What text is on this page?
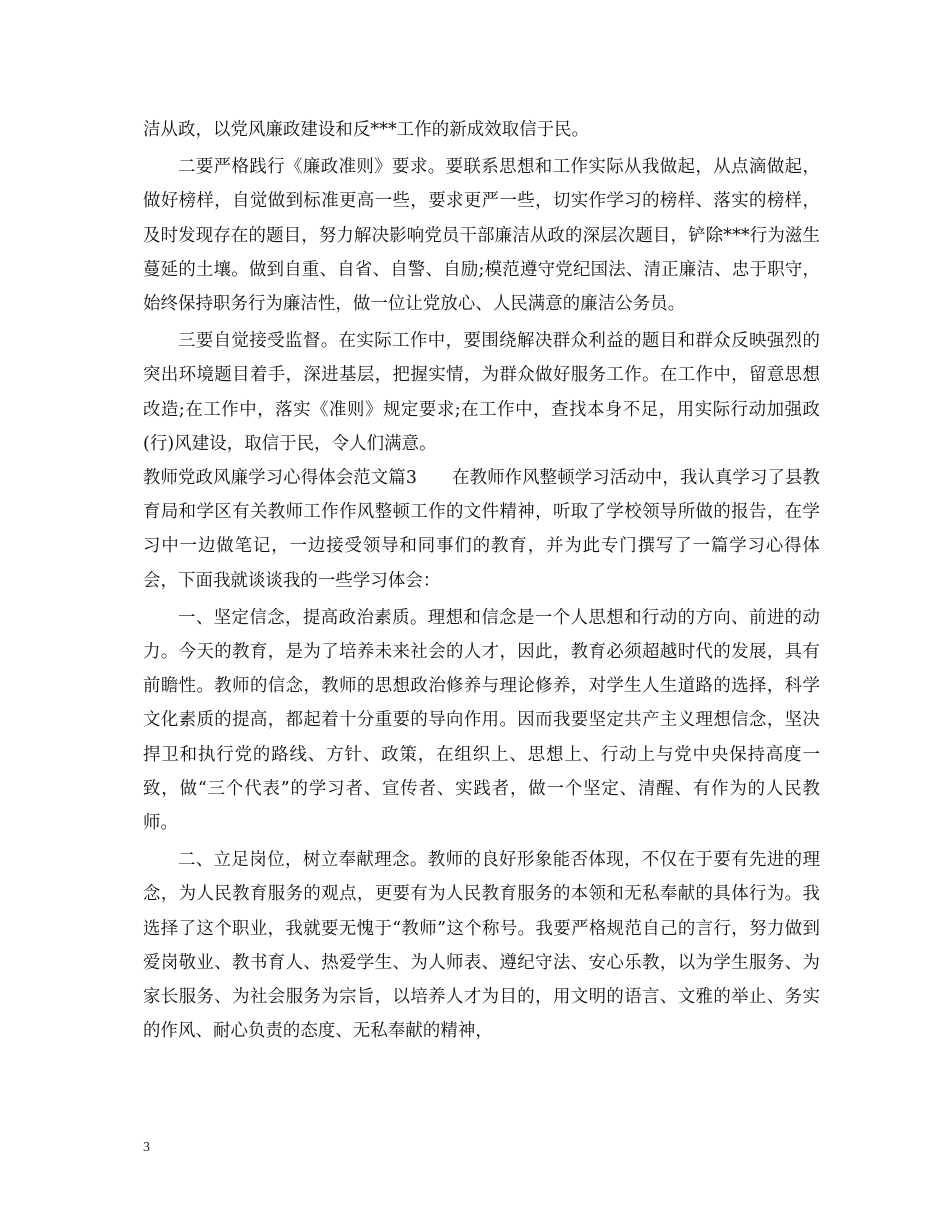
洁从政，以党风廉政建设和反***工作的新成效取信于民。

二要严格践行《廉政准则》要求。要联系思想和工作实际从我做起，从点滴做起，做好榜样，自觉做到标准更高一些，要求更严一些，切实作学习的榜样、落实的榜样，及时发现存在的题目，努力解决影响党员干部廉洁从政的深层次题目，铲除***行为滋生蔓延的土壤。做到自重、自省、自警、自励;模范遵守党纪国法、清正廉洁、忠于职守，始终保持职务行为廉洁性，做一位让党放心、人民满意的廉洁公务员。

三要自觉接受监督。在实际工作中，要围绕解决群众利益的题目和群众反映强烈的突出环境题目着手，深进基层，把握实情，为群众做好服务工作。在工作中，留意思想改造;在工作中，落实《准则》规定要求;在工作中，查找本身不足，用实际行动加强政(行)风建设，取信于民，令人们满意。

教师党政风廉学习心得体会范文篇3　　在教师作风整顿学习活动中，我认真学习了县教育局和学区有关教师工作作风整顿工作的文件精神，听取了学校领导所做的报告，在学习中一边做笔记，一边接受领导和同事们的教育，并为此专门撰写了一篇学习心得体会，下面我就谈谈我的一些学习体会：

一、坚定信念，提高政治素质。理想和信念是一个人思想和行动的方向、前进的动力。今天的教育，是为了培养未来社会的人才，因此，教育必须超越时代的发展，具有前瞻性。教师的信念，教师的思想政治修养与理论修养，对学生人生道路的选择，科学文化素质的提高，都起着十分重要的导向作用。因而我要坚定共产主义理想信念，坚决捍卫和执行党的路线、方针、政策，在组织上、思想上、行动上与党中央保持高度一致，做“三个代表”的学习者、宣传者、实践者，做一个坚定、清醒、有作为的人民教师。

二、立足岗位，树立奉献理念。教师的良好形象能否体现，不仅在于要有先进的理念，为人民教育服务的观点，更要有为人民教育服务的本领和无私奉献的具体行为。我选择了这个职业，我就要无愧于“教师”这个称号。我要严格规范自己的言行，努力做到爱岗敬业、教书育人、热爱学生、为人师表、遵纪守法、安心乐教，以为学生服务、为家长服务、为社会服务为宗旨，以培养人才为目的，用文明的语言、文雅的举止、务实的作风、耐心负责的态度、无私奉献的精神，

3
